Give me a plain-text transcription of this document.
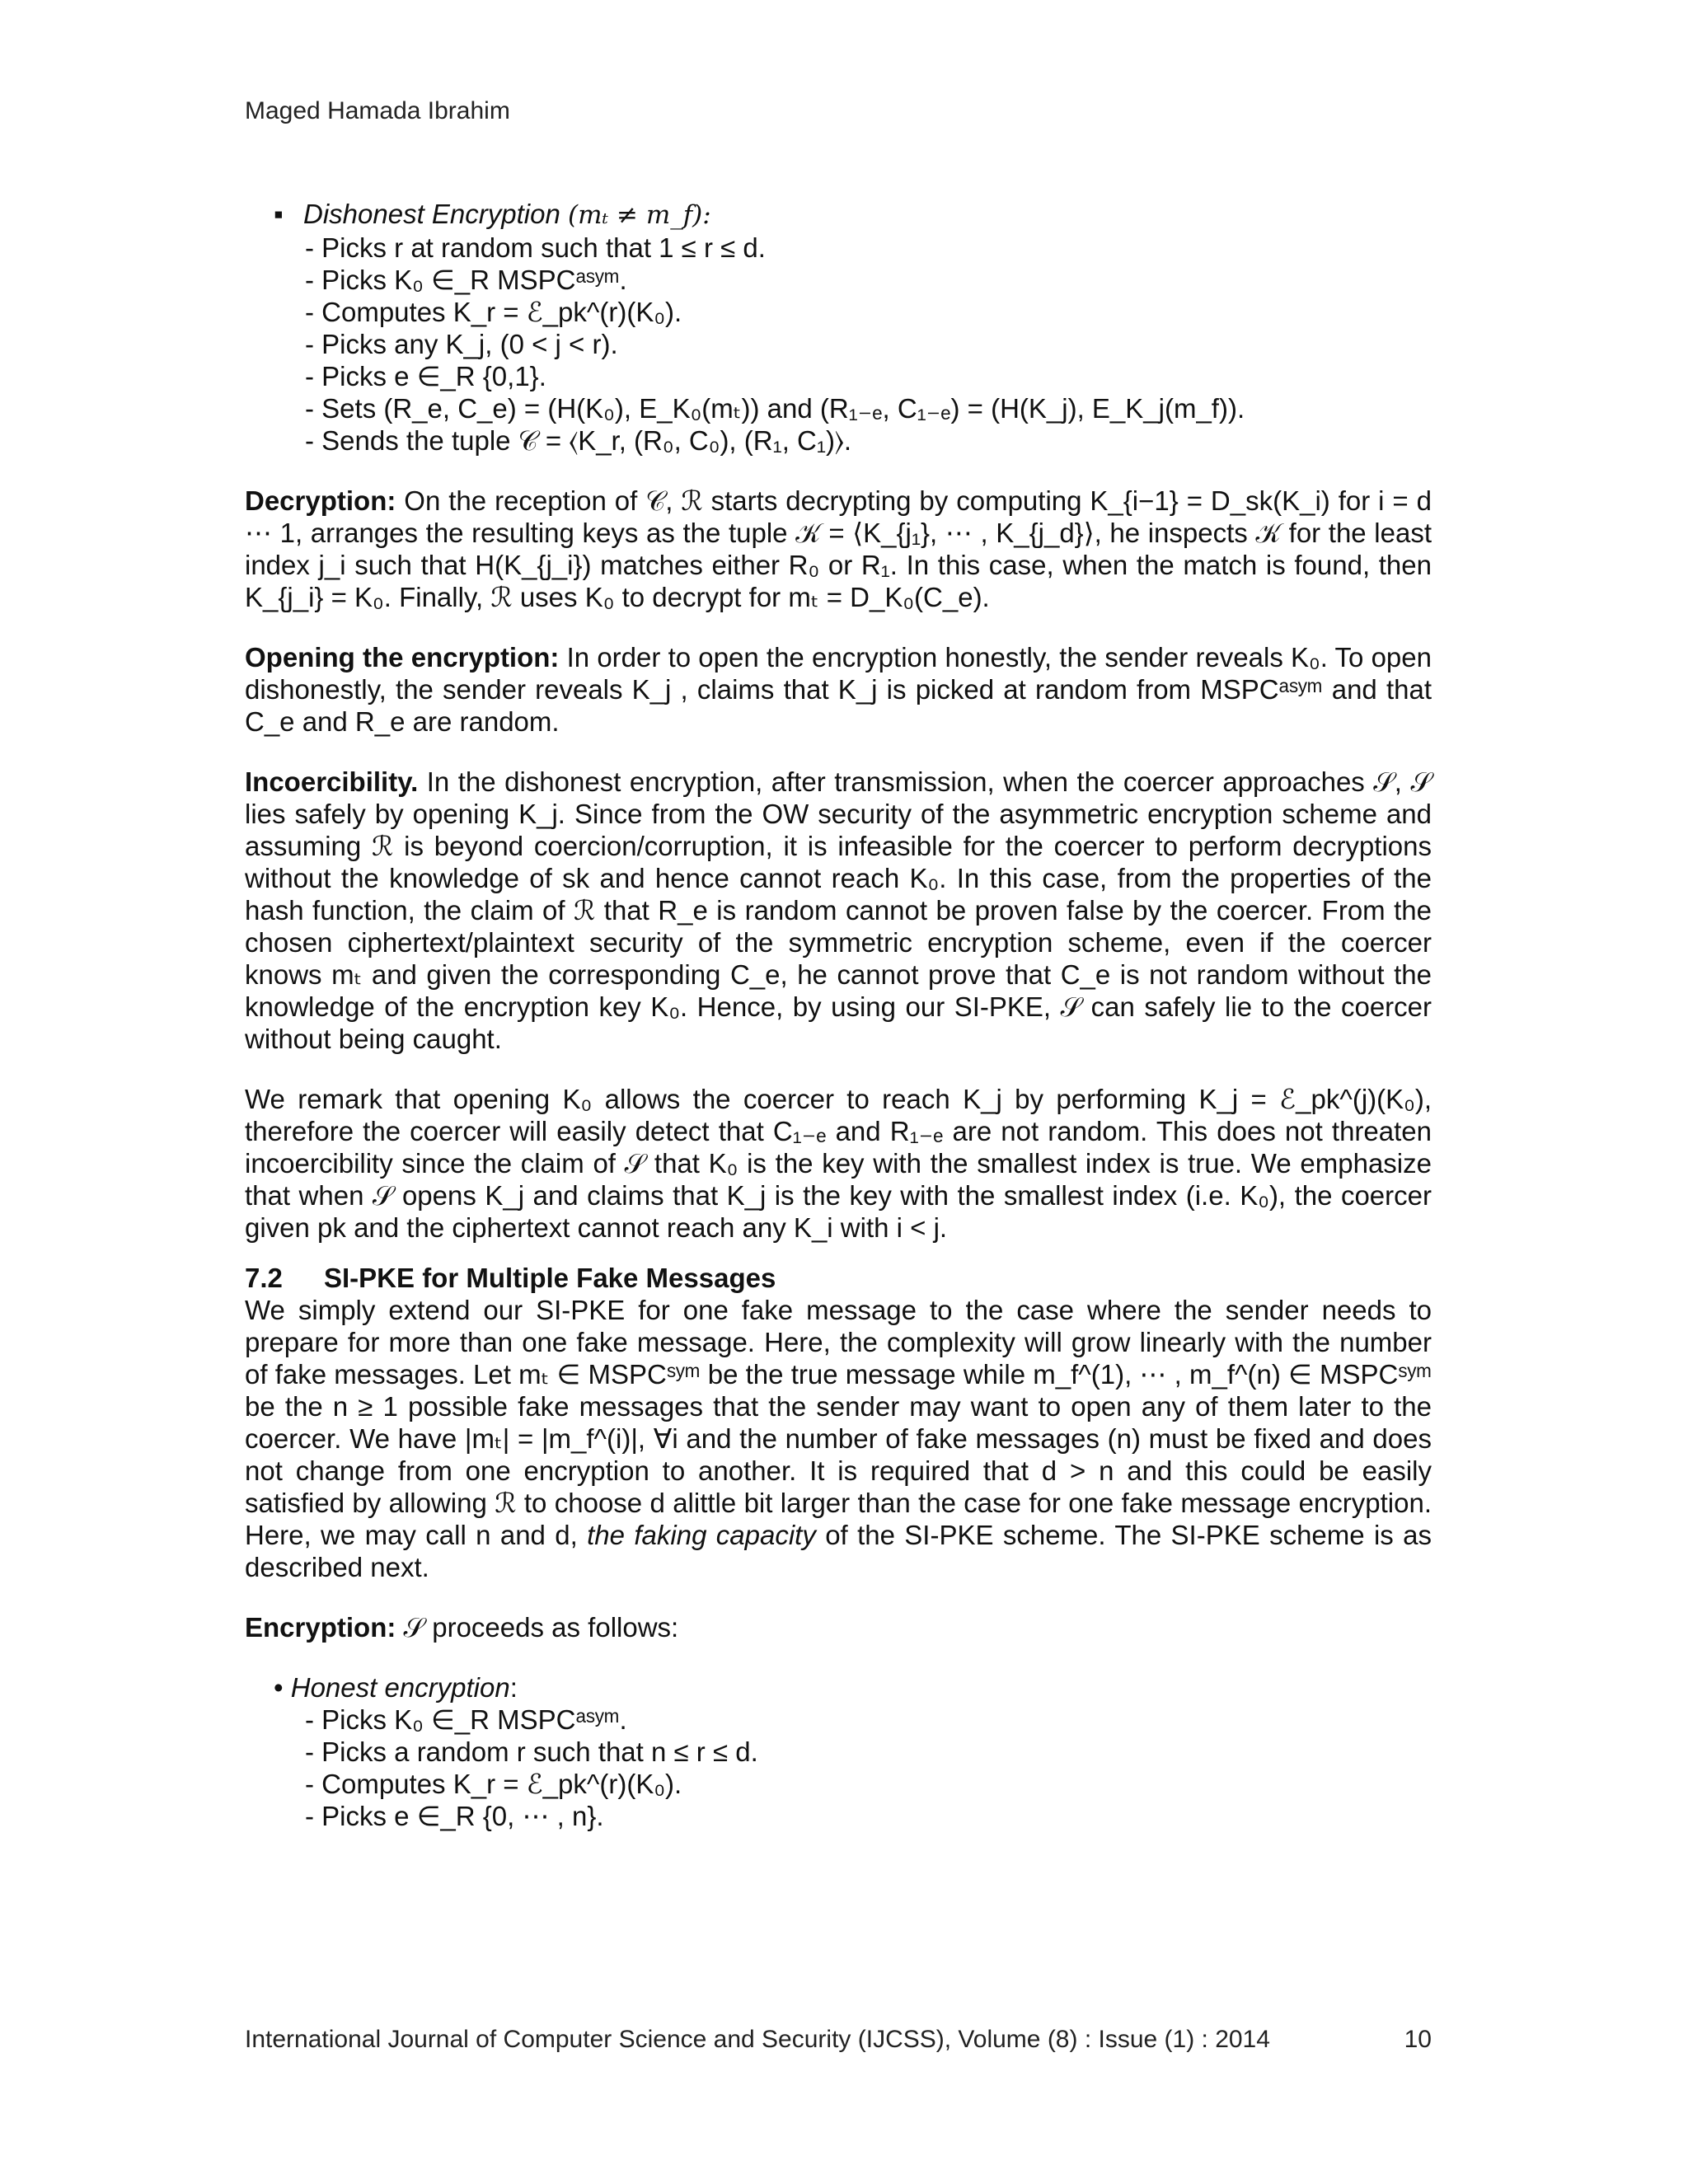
Maged Hamada Ibrahim
▪ Dishonest Encryption (mₜ ≠ m_f):
- Picks r at random such that 1 ≤ r ≤ d.
- Picks K₀ ∈_R MSPCᵃˢʸᵐ.
- Computes K_r = ℰ_pk^(r)(K₀).
- Picks any K_j, (0 < j < r).
- Picks e ∈_R {0,1}.
- Sets (R_e, C_e) = (H(K₀), E_K₀(mₜ)) and (R₁₋ₑ, C₁₋ₑ) = (H(K_j), E_K_j(m_f)).
- Sends the tuple 𝒞 = ⟨K_r, (R₀, C₀), (R₁, C₁)⟩.
Decryption: On the reception of 𝒞, ℛ starts decrypting by computing K_{i−1} = D_sk(K_i) for i = d ⋯ 1, arranges the resulting keys as the tuple 𝒦 = ⟨K_{j₁}, ⋯ , K_{j_d}⟩, he inspects 𝒦 for the least index j_i such that H(K_{j_i}) matches either R₀ or R₁. In this case, when the match is found, then K_{j_i} = K₀. Finally, ℛ uses K₀ to decrypt for mₜ = D_K₀(C_e).
Opening the encryption: In order to open the encryption honestly, the sender reveals K₀. To open dishonestly, the sender reveals K_j , claims that K_j is picked at random from MSPCᵃˢʸᵐ and that C_e and R_e are random.
Incoercibility. In the dishonest encryption, after transmission, when the coercer approaches 𝒮, 𝒮 lies safely by opening K_j. Since from the OW security of the asymmetric encryption scheme and assuming ℛ is beyond coercion/corruption, it is infeasible for the coercer to perform decryptions without the knowledge of sk and hence cannot reach K₀. In this case, from the properties of the hash function, the claim of ℛ that R_e is random cannot be proven false by the coercer. From the chosen ciphertext/plaintext security of the symmetric encryption scheme, even if the coercer knows mₜ and given the corresponding C_e, he cannot prove that C_e is not random without the knowledge of the encryption key K₀. Hence, by using our SI-PKE, 𝒮 can safely lie to the coercer without being caught.
We remark that opening K₀ allows the coercer to reach K_j by performing K_j = ℰ_pk^(j)(K₀), therefore the coercer will easily detect that C₁₋ₑ and R₁₋ₑ are not random. This does not threaten incoercibility since the claim of 𝒮 that K₀ is the key with the smallest index is true. We emphasize that when 𝒮 opens K_j and claims that K_j is the key with the smallest index (i.e. K₀), the coercer given pk and the ciphertext cannot reach any K_i with i < j.
7.2 SI-PKE for Multiple Fake Messages
We simply extend our SI-PKE for one fake message to the case where the sender needs to prepare for more than one fake message. Here, the complexity will grow linearly with the number of fake messages. Let mₜ ∈ MSPCˢʸᵐ be the true message while m_f^(1), ⋯ , m_f^(n) ∈ MSPCˢʸᵐ be the n ≥ 1 possible fake messages that the sender may want to open any of them later to the coercer. We have |mₜ| = |m_f^(i)|, ∀i and the number of fake messages (n) must be fixed and does not change from one encryption to another. It is required that d > n and this could be easily satisfied by allowing ℛ to choose d alittle bit larger than the case for one fake message encryption. Here, we may call n and d, the faking capacity of the SI-PKE scheme. The SI-PKE scheme is as described next.
Encryption: 𝒮 proceeds as follows:
• Honest encryption:
- Picks K₀ ∈_R MSPCᵃˢʸᵐ.
- Picks a random r such that n ≤ r ≤ d.
- Computes K_r = ℰ_pk^(r)(K₀).
- Picks e ∈_R {0, ⋯ , n}.
International Journal of Computer Science and Security (IJCSS), Volume (8) : Issue (1) : 2014	10
